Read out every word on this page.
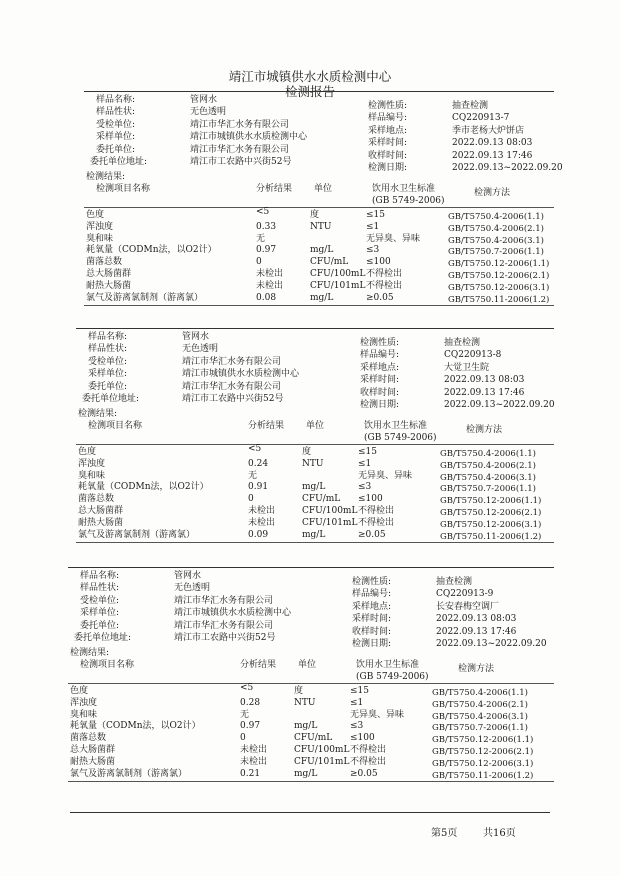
靖江市城镇供水水质检测中心
检测报告
样品名称:	管网水
样品性状:	无色透明
受检单位:	靖江市华汇水务有限公司
采样单位:	靖江市城镇供水水质检测中心
委托单位:	靖江市华汇水务有限公司
委托单位地址:	靖江市工农路中兴街52号
检测性质:	抽查检测
样品编号:	CQ220913-7
采样地点:	季市老杨大炉饼店
采样时间:	2022.09.13 08:03
收样时间:	2022.09.13 17:46
检测日期:	2022.09.13~2022.09.20
检测结果:
检测项目名称	分析结果 单位	饮用水卫生标准
(GB 5749-2006)
检测方法
色度	<5	度	≤15	GB/T5750.4-2006(1.1)
浑浊度	0.33	NTU	≤1	GB/T5750.4-2006(2.1)
臭和味	无	无异臭、异味	GB/T5750.4-2006(3.1)
耗氧量（CODMn法，以O2计）	0.97	mg/L	≤3	GB/T5750.7-2006(1.1)
菌落总数	0	CFU/mL ≤100	GB/T5750.12-2006(1.1)
总大肠菌群	未检出	CFU/100mL 不得检出	GB/T5750.12-2006(2.1)
耐热大肠菌	未检出	CFU/101mL 不得检出	GB/T5750.12-2006(3.1)
氯气及游离氯制剂（游离氯）	0.08	mg/L	≥0.05	GB/T5750.11-2006(1.2)
样品名称:	管网水
样品性状:	无色透明
受检单位:	靖江市华汇水务有限公司
采样单位:	靖江市城镇供水水质检测中心
委托单位:	靖江市华汇水务有限公司
委托单位地址:	靖江市工农路中兴街52号
检测性质:	抽查检测
样品编号:	CQ220913-8
采样地点:	大觉卫生院
采样时间:	2022.09.13 08:03
收样时间:	2022.09.13 17:46
检测日期:	2022.09.13~2022.09.20
检测结果:
检测项目名称	分析结果 单位	饮用水卫生标准
(GB 5749-2006)
检测方法
色度	<5	度	≤15	GB/T5750.4-2006(1.1)
浑浊度	0.24	NTU	≤1	GB/T5750.4-2006(2.1)
臭和味	无	无异臭、异味	GB/T5750.4-2006(3.1)
耗氧量（CODMn法，以O2计）	0.91	mg/L	≤3	GB/T5750.7-2006(1.1)
菌落总数	0	CFU/mL ≤100	GB/T5750.12-2006(1.1)
总大肠菌群	未检出	CFU/100mL 不得检出	GB/T5750.12-2006(2.1)
耐热大肠菌	未检出	CFU/101mL 不得检出	GB/T5750.12-2006(3.1)
氯气及游离氯制剂（游离氯）	0.09	mg/L	≥0.05	GB/T5750.11-2006(1.2)
样品名称:	管网水
样品性状:	无色透明
受检单位:	靖江市华汇水务有限公司
采样单位:	靖江市城镇供水水质检测中心
委托单位:	靖江市华汇水务有限公司
委托单位地址:	靖江市工农路中兴街52号
检测性质:	抽查检测
样品编号:	CQ220913-9
采样地点:	长安春梅空调厂
采样时间:	2022.09.13 08:03
收样时间:	2022.09.13 17:46
检测日期:	2022.09.13~2022.09.20
检测结果:
检测项目名称	分析结果 单位	饮用水卫生标准
(GB 5749-2006)
检测方法
色度	<5	度	≤15	GB/T5750.4-2006(1.1)
浑浊度	0.28	NTU	≤1	GB/T5750.4-2006(2.1)
臭和味	无	无异臭、异味	GB/T5750.4-2006(3.1)
耗氧量（CODMn法，以O2计）	0.97	mg/L	≤3	GB/T5750.7-2006(1.1)
菌落总数	0	CFU/mL ≤100	GB/T5750.12-2006(1.1)
总大肠菌群	未检出	CFU/100mL 不得检出	GB/T5750.12-2006(2.1)
耐热大肠菌	未检出	CFU/101mL 不得检出	GB/T5750.12-2006(3.1)
氯气及游离氯制剂（游离氯）	0.21	mg/L	≥0.05	GB/T5750.11-2006(1.2)
第5页	共16页
